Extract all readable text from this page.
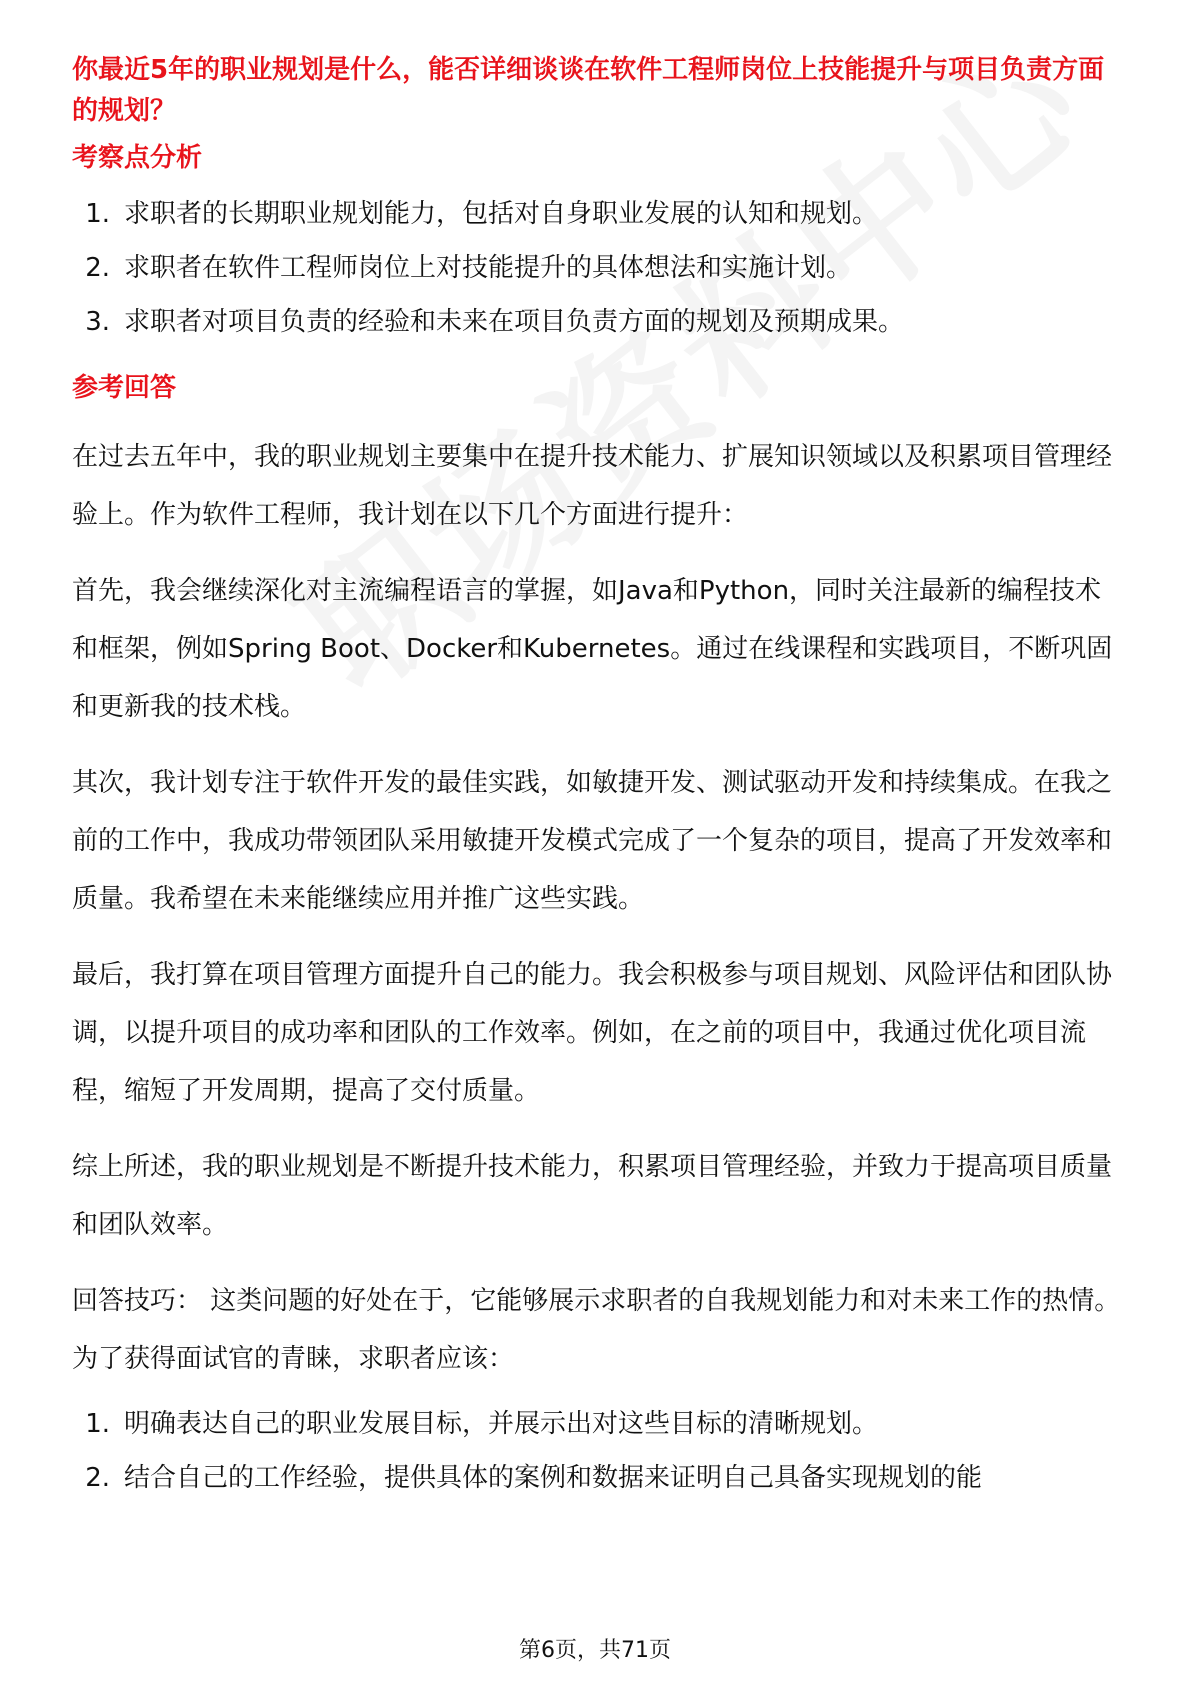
你最近5年的职业规划是什么，能否详细谈谈在软件工程师岗位上技能提升与项目负责方面的规划？

考察点分析
1. 求职者的长期职业规划能力，包括对自身职业发展的认知和规划。
2. 求职者在软件工程师岗位上对技能提升的具体想法和实施计划。
3. 求职者对项目负责的经验和未来在项目负责方面的规划及预期成果。
参考回答

在过去五年中，我的职业规划主要集中在提升技术能力、扩展知识领域以及积累项目管理经验上。作为软件工程师，我计划在以下几个方面进行提升：

首先，我会继续深化对主流编程语言的掌握，如Java和Python，同时关注最新的编程技术和框架，例如Spring Boot、Docker和Kubernetes。通过在线课程和实践项目，不断巩固和更新我的技术栈。

其次，我计划专注于软件开发的最佳实践，如敏捷开发、测试驱动开发和持续集成。在我之前的工作中，我成功带领团队采用敏捷开发模式完成了一个复杂的项目，提高了开发效率和质量。我希望在未来能继续应用并推广这些实践。

最后，我打算在项目管理方面提升自己的能力。我会积极参与项目规划、风险评估和团队协调，以提升项目的成功率和团队的工作效率。例如，在之前的项目中，我通过优化项目流程，缩短了开发周期，提高了交付质量。

综上所述，我的职业规划是不断提升技术能力，积累项目管理经验，并致力于提高项目质量和团队效率。

回答技巧： 这类问题的好处在于，它能够展示求职者的自我规划能力和对未来工作的热情。为了获得面试官的青睐，求职者应该：

1. 明确表达自己的职业发展目标，并展示出对这些目标的清晰规划。
2. 结合自己的工作经验，提供具体的案例和数据来证明自己具备实现规划的能
第6页，共71页
